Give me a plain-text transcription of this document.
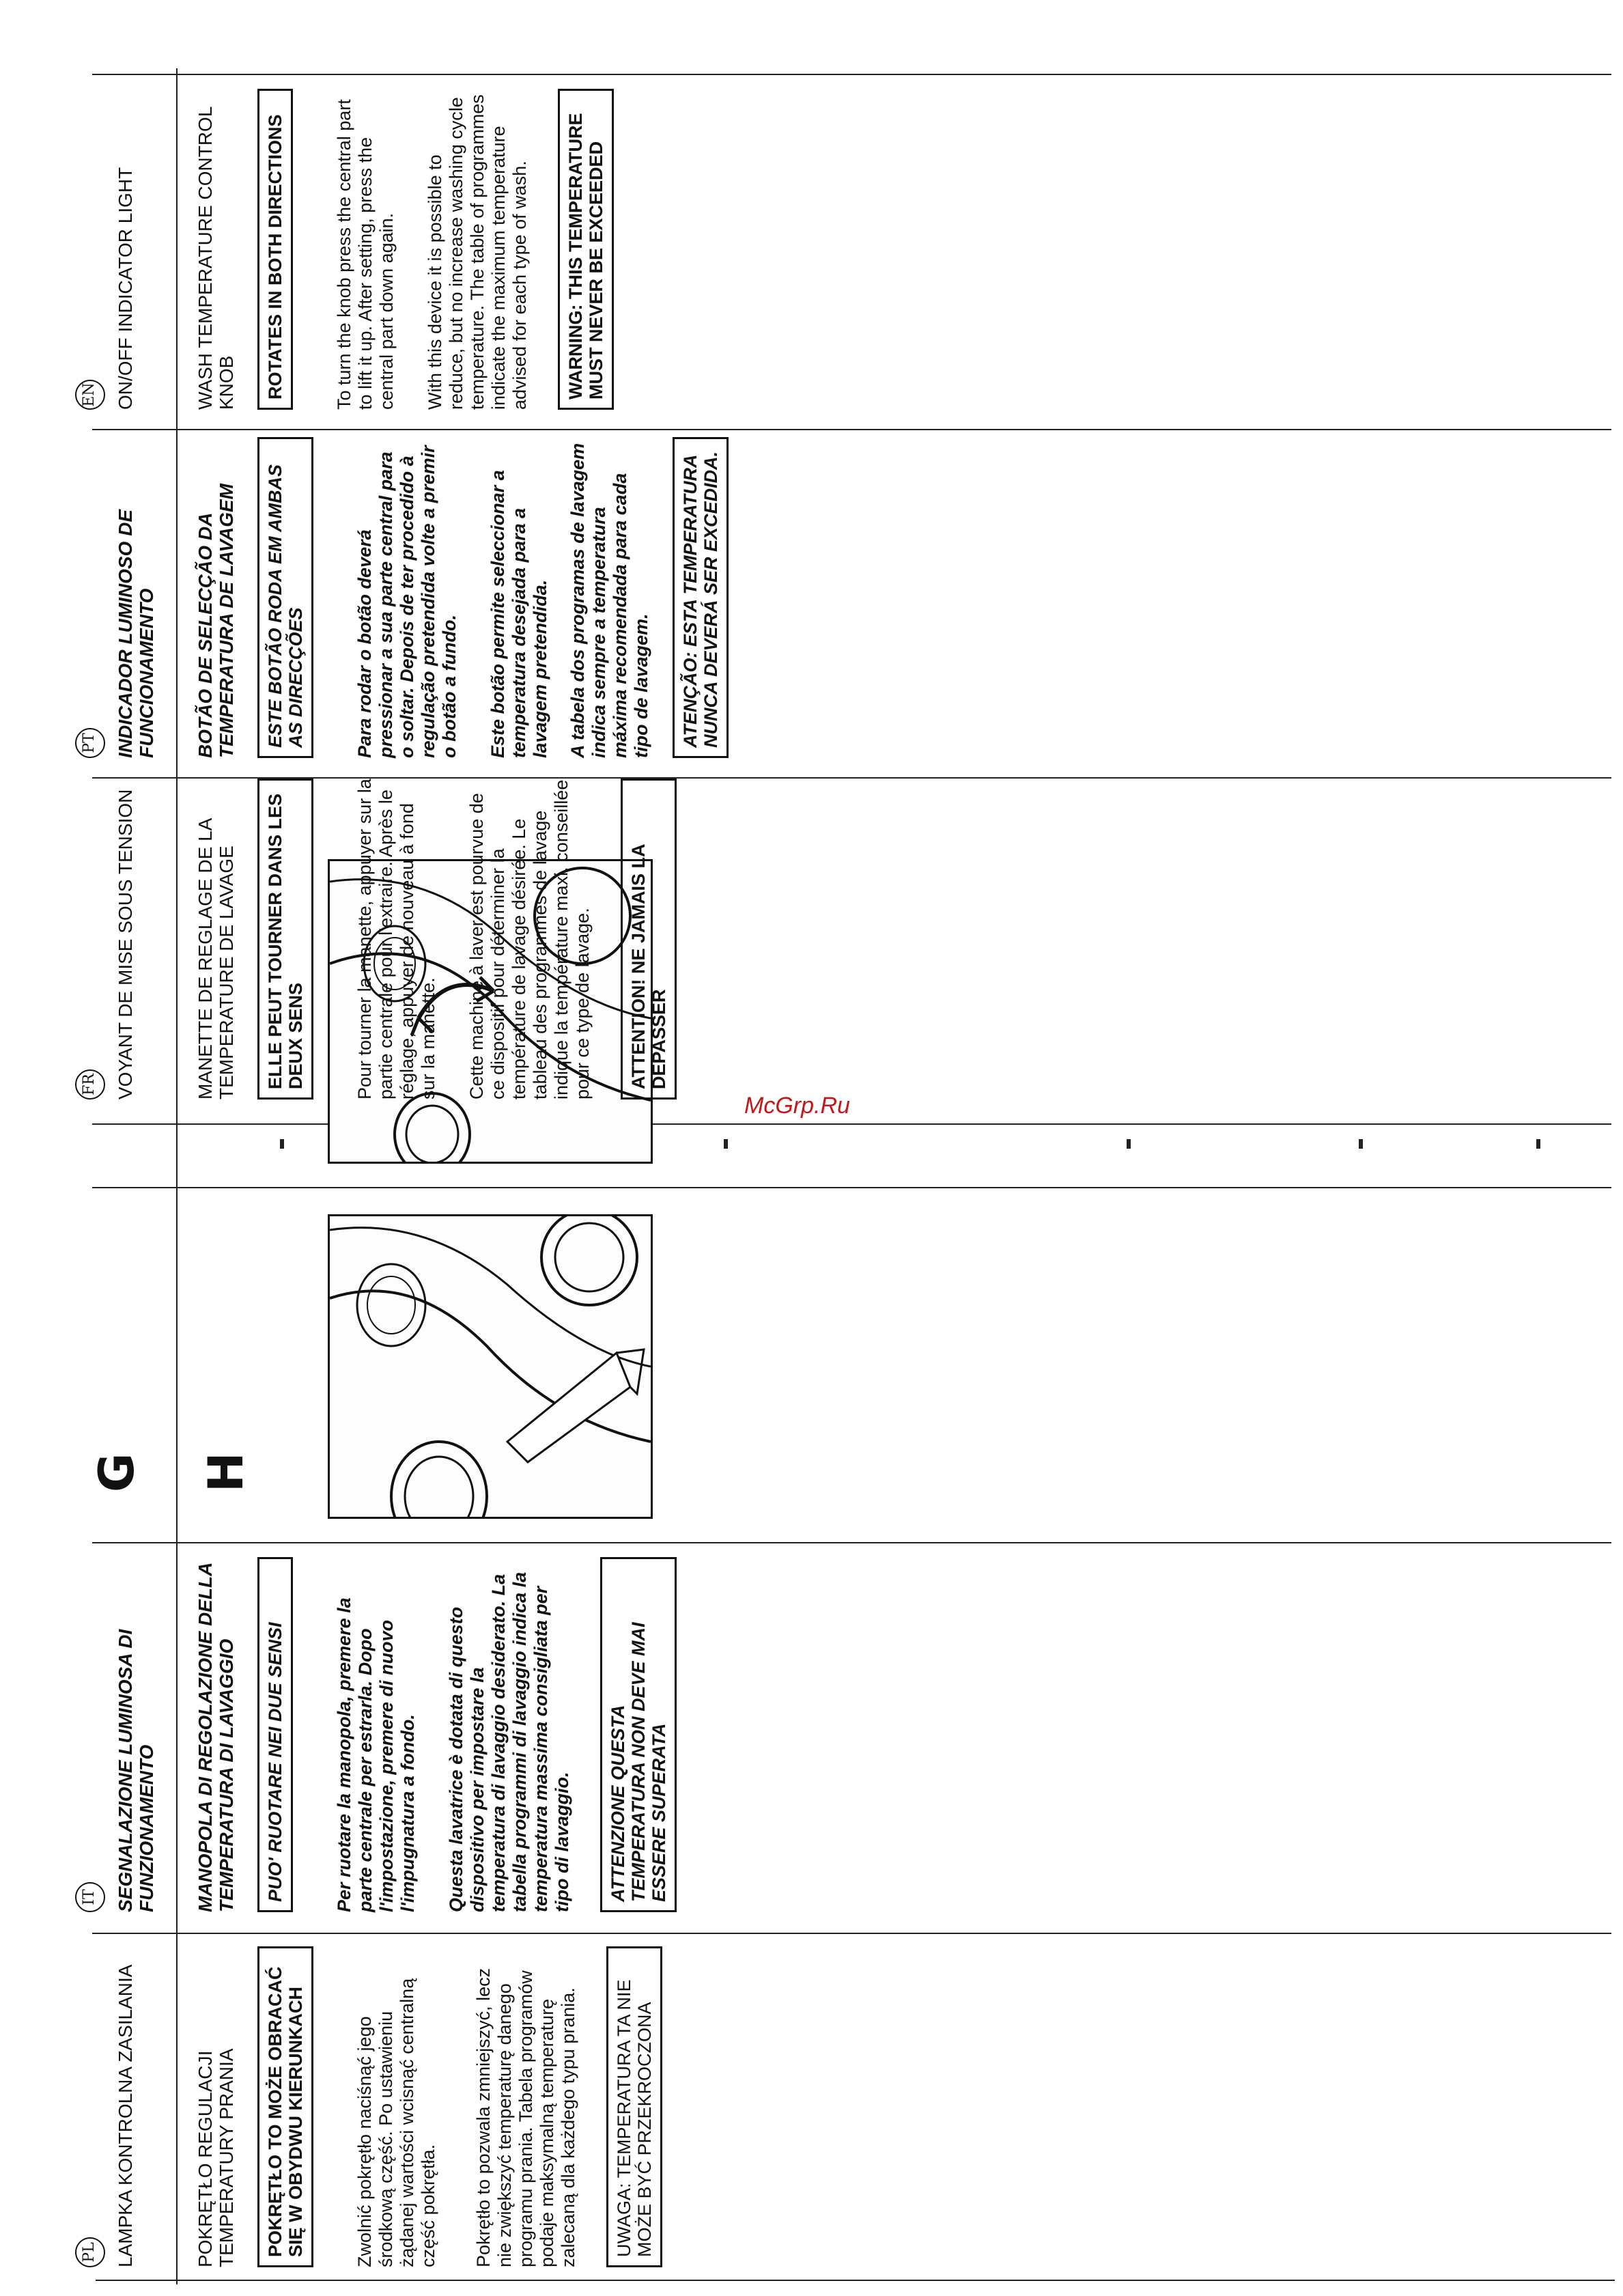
McGrp.Ru
PL LAMPKA KONTROLNA ZASILANIA	POKRĘTŁO REGULACJI TEMPERATURY PRANIA	POKRĘTŁO TO MOŻE OBRACAĆ SIĘ W OBYDWU KIERUNKACH	Zwolnić pokrętło naciśnąć jego środkową część. Po ustawieniu żądanej wartości wcisnąć centralną część pokrętła. Pokrętło to pozwala zmniejszyć, lecz nie zwiększyć temperaturę danego programu prania. Tabela programów podaje maksymalną temperaturę zalecaną dla każdego typu prania.	UWAGA: TEMPERATURA TA NIE MOŻE BYĆ PRZEKROCZONA
IT SEGNALAZIONE LUMINOSA DI FUNZIONAMENTO MANOPOLA DI REGOLAZIONE DELLA TEMPERATURA DI LAVAGGIO	PUO' RUOTARE NEI DUE SENSI	Per ruotare la manopola, premere la parte centrale per estrarla. Dopo l'impostazione, premere di nuovo l'impugnatura a fondo. Questa lavatrice è dotata di questo dispositivo per impostare la temperatura di lavaggio desiderato. La tabella programmi di lavaggio indica la temperatura massima consigliata per tipo di lavaggio.	ATTENZIONE QUESTA TEMPERATURA NON DEVE MAI ESSERE SUPERATA
G H
FR VOYANT DE MISE SOUS TENSION	MANETTE DE REGLAGE DE LA TEMPERATURE DE LAVAGE	ELLE PEUT TOURNER DANS LES DEUX SENS	Pour tourner la manette, appuyer sur la partie centrale pour l'extraire. Après le réglage, appuyer de nouveau à fond sur la manette. Cette machine à laver est pourvue de ce dispositif pour déterminer la température de lavage désirée. Le tableau des programmes de lavage indique la température maxi. conseillée pour ce type de lavage.	ATTENTION! NE JAMAIS LA DEPASSER
PT INDICADOR LUMINOSO DE FUNCIONAMENTO BOTÃO DE SELECÇÃO DA TEMPERATURA DE LAVAGEM	ESTE BOTÃO RODA EM AMBAS AS DIRECÇÕES	Para rodar o botão deverá pressionar a sua parte central para o soltar. Depois de ter procedido à regulação pretendida volte a premir o botão a fundo. Este botão permite seleccionar a temperatura desejada para a lavagem pretendida. A tabela dos programas de lavagem indica sempre a temperatura máxima recomendada para cada tipo de lavagem.	ATENÇÃO: ESTA TEMPERATURA NUNCA DEVERÁ SER EXCEDIDA.
EN ON/OFF INDICATOR LIGHT	WASH TEMPERATURE CONTROL KNOB	ROTATES IN BOTH DIRECTIONS	To turn the knob press the central part to lift it up. After setting, press the central part down again. With this device it is possible to reduce, but no increase washing cycle temperature. The table of programmes indicate the maximum temperature advised for each type of wash.	WARNING: THIS TEMPERATURE MUST NEVER BE EXCEEDED
